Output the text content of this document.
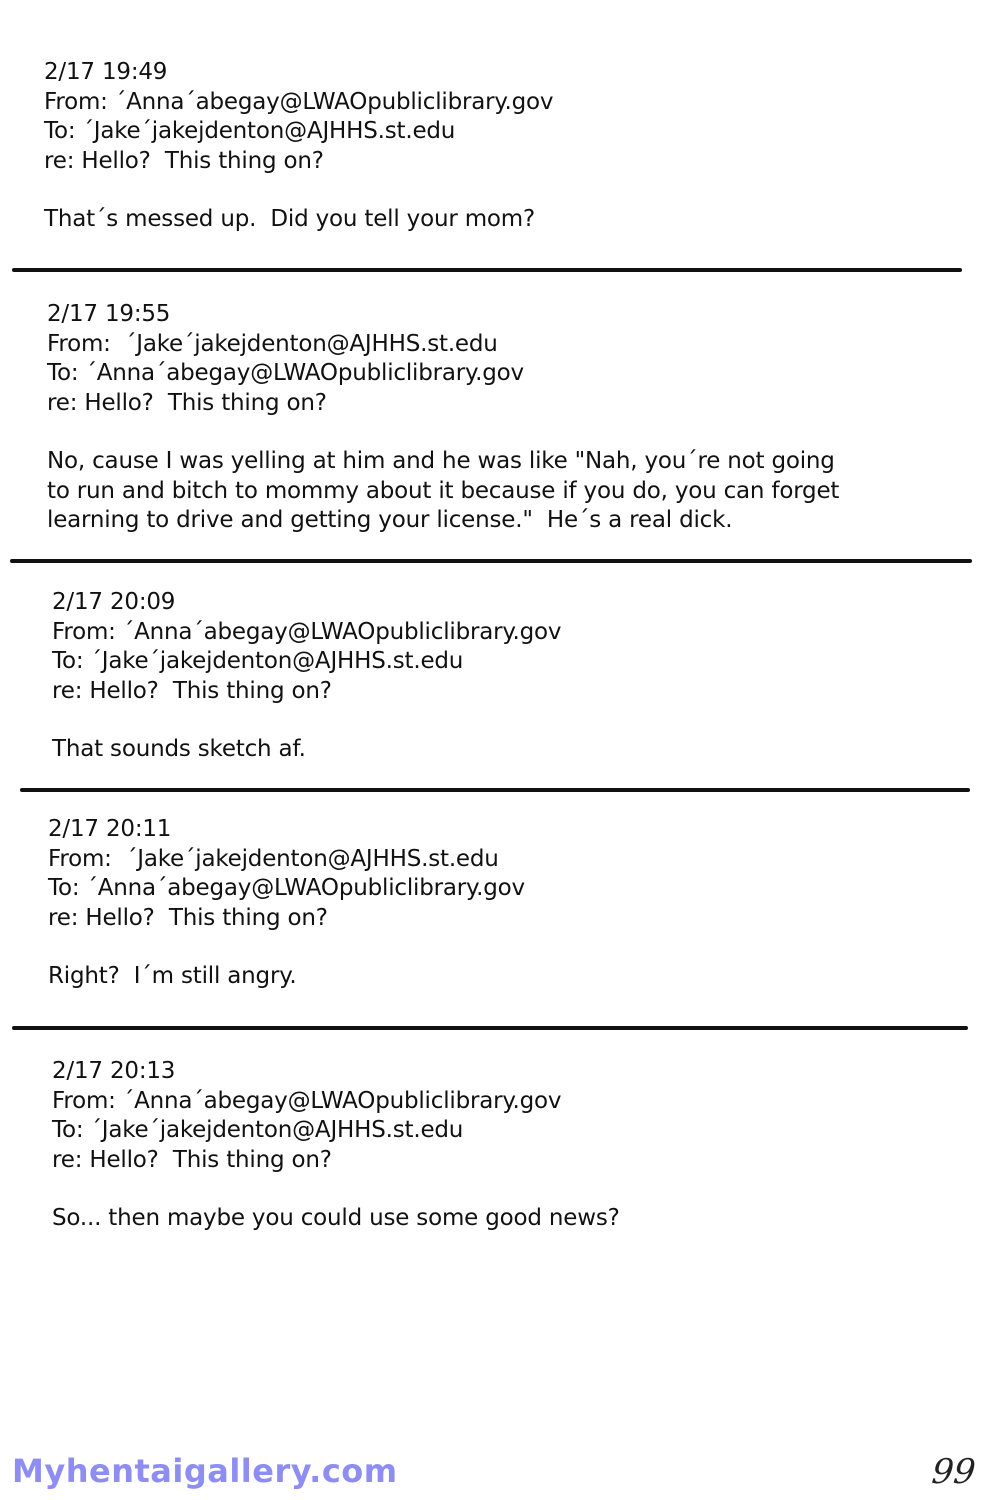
2/17 19:49
From: ´Anna´abegay@LWAOpubliclibrary.gov
To: ´Jake´jakejdenton@AJHHS.st.edu
re: Hello?  This thing on?
That´s messed up.  Did you tell your mom?
2/17 19:55
From:  ´Jake´jakejdenton@AJHHS.st.edu
To: ´Anna´abegay@LWAOpubliclibrary.gov
re: Hello?  This thing on?
No, cause I was yelling at him and he was like "Nah, you´re not going
to run and bitch to mommy about it because if you do, you can forget
learning to drive and getting your license."  He´s a real dick.
2/17 20:09
From: ´Anna´abegay@LWAOpubliclibrary.gov
To: ´Jake´jakejdenton@AJHHS.st.edu
re: Hello?  This thing on?
That sounds sketch af.
2/17 20:11
From:  ´Jake´jakejdenton@AJHHS.st.edu
To: ´Anna´abegay@LWAOpubliclibrary.gov
re: Hello?  This thing on?
Right?  I´m still angry.
2/17 20:13
From: ´Anna´abegay@LWAOpubliclibrary.gov
To: ´Jake´jakejdenton@AJHHS.st.edu
re: Hello?  This thing on?
So... then maybe you could use some good news?
Myhentaigallery.com	99
